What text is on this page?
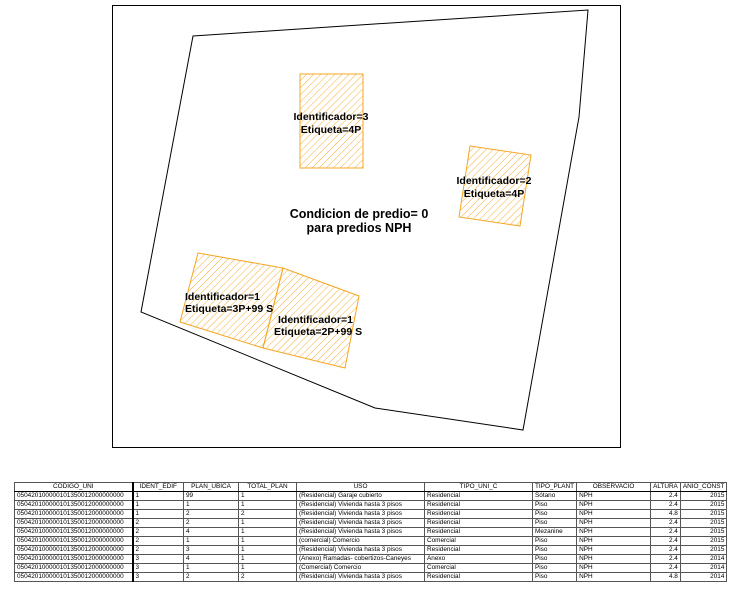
Identificador=3
Etiqueta=4P
Identificador=2
Etiqueta=4P
Condicion de predio= 0
para predios NPH
Identificador=1
Etiqueta=3P+99 S
Identificador=1
Etiqueta=2P+99 S
CODIGO_UNI	IDENT_EDIF	PLAN_UBICA	TOTAL_PLAN	USO	TIPO_UNI_C	TIPO_PLANT	OBSERVACIO	ALTURA	ANIO_CONST
050420100000101350012000000000	1	99	1	(Residencial) Garaje cubierto	Residencial	Sótano	NPH	2.4	2015
050420100000101350012000000000	1	1	1	(Residencial) Vivienda hasta 3 pisos	Residencial	Piso	NPH	2.4	2015
050420100000101350012000000000	1	2	2	(Residencial) Vivienda hasta 3 pisos	Residencial	Piso	NPH	4.8	2015
050420100000101350012000000000	2	2	1	(Residencial) Vivienda hasta 3 pisos	Residencial	Piso	NPH	2.4	2015
050420100000101350012000000000	2	4	1	(Residencial) Vivienda hasta 3 pisos	Residencial	Mezanine	NPH	2.4	2015
050420100000101350012000000000	2	1	1	(comercial) Comercio	Comercial	Piso	NPH	2.4	2015
050420100000101350012000000000	2	3	1	(Residencial) Vivienda hasta 3 pisos	Residencial	Piso	NPH	2.4	2015
050420100000101350012000000000	3	4	1	(Anexo) Ramadas- cobertizos-Caneyes	Anexo	Piso	NPH	2.4	2014
050420100000101350012000000000	3	1	1	(Comercial) Comercio	Comercial	Piso	NPH	2.4	2014
050420100000101350012000000000	3	2	2	(Residencial) Vivienda hasta 3 pisos	Residencial	Piso	NPH	4.8	2014
